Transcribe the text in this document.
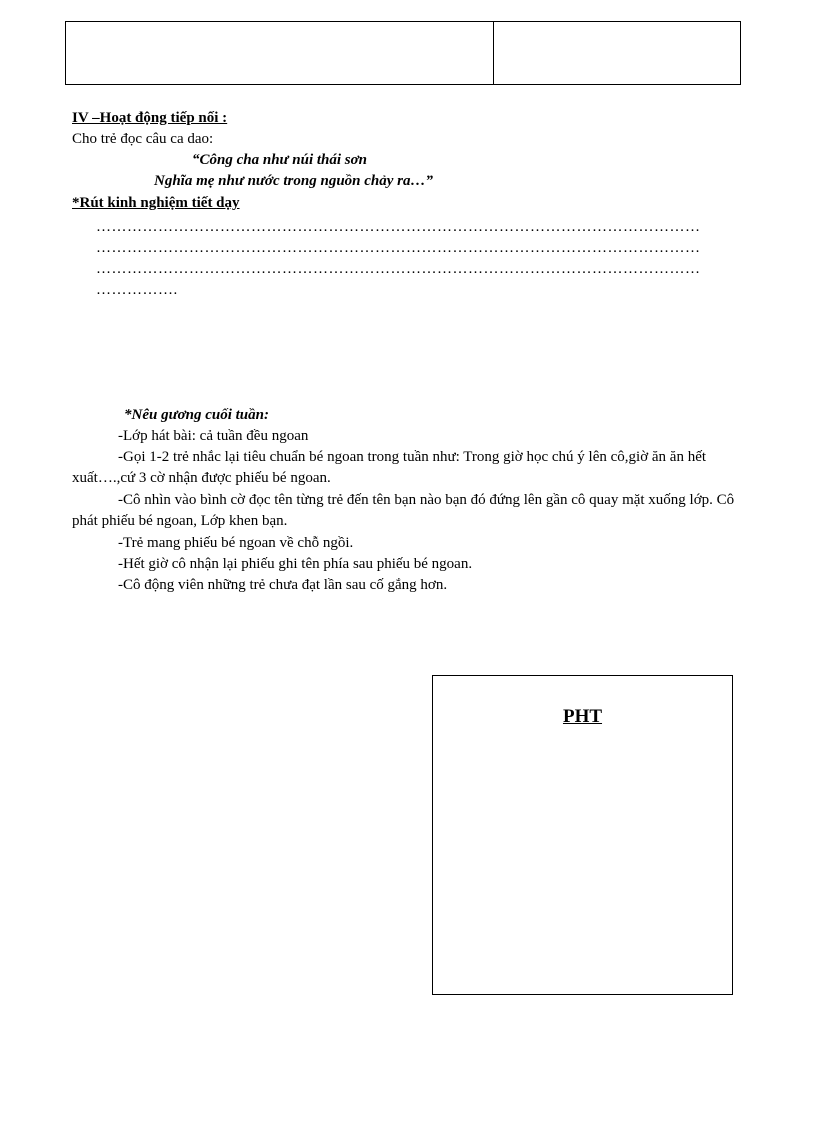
IV –Hoạt động tiếp nối :
Cho trẻ đọc câu ca dao:
“Công cha như núi thái sơn
Nghĩa mẹ như nước trong nguồn chảy ra…”
*Rút kinh nghiệm tiết dạy
………………………………………………………………………………………………………
………………………………………………………………………………………………………
………………………………………………………………………………………………………
…………….
*Nêu gương cuối tuần:
-Lớp hát bài: cả tuần đều ngoan
-Gọi 1-2 trẻ nhắc lại tiêu chuẩn bé ngoan trong tuần như: Trong giờ học chú ý lên cô,giờ ăn ăn hết xuất….,cứ 3 cờ nhận được phiếu bé ngoan.
-Cô nhìn vào bình cờ đọc tên từng trẻ đến tên bạn nào bạn đó đứng lên gần cô quay mặt xuống lớp. Cô phát phiếu bé ngoan, Lớp khen bạn.
-Trẻ mang phiếu bé ngoan về chỗ ngồi.
-Hết giờ cô nhận lại phiếu ghi tên phía sau phiếu bé ngoan.
-Cô động viên những trẻ chưa đạt lần sau cố gắng hơn.
PHT
